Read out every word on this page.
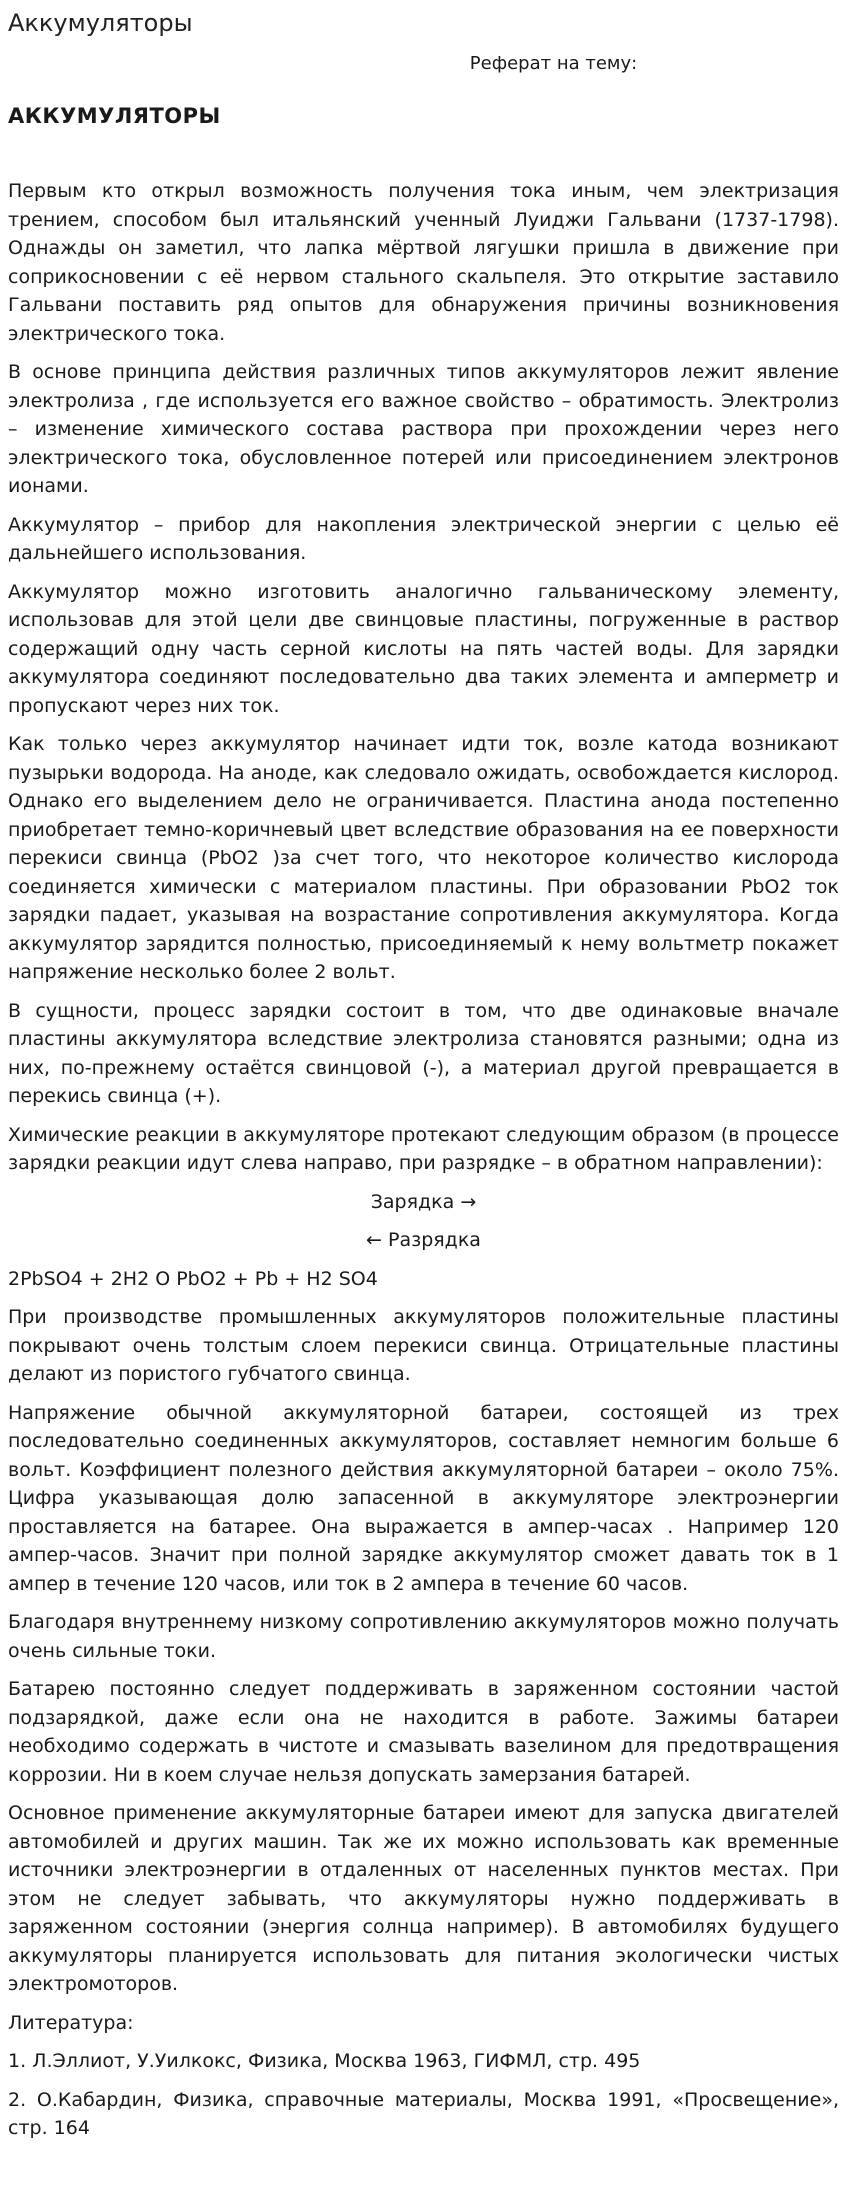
Аккумуляторы
Реферат на тему:
АККУМУЛЯТОРЫ

Первым кто открыл возможность получения тока иным, чем электризация трением, способом был итальянский ученный Луиджи Гальвани (1737-1798). Однажды он заметил, что лапка мёртвой лягушки пришла в движение при соприкосновении с её нервом стального скальпеля. Это открытие заставило Гальвани поставить ряд опытов для обнаружения причины возникновения электрического тока.

В основе принципа действия различных типов аккумуляторов лежит явление электролиза , где используется его важное свойство – обратимость. Электролиз – изменение химического состава раствора при прохождении через него электрического тока, обусловленное потерей или присоединением электронов ионами.

Аккумулятор – прибор для накопления электрической энергии с целью её дальнейшего использования.

Аккумулятор можно изготовить аналогично гальваническому элементу, использовав для этой цели две свинцовые пластины, погруженные в раствор содержащий одну часть серной кислоты на пять частей воды. Для зарядки аккумулятора соединяют последовательно два таких элемента и амперметр и пропускают через них ток.

Как только через аккумулятор начинает идти ток, возле катода возникают пузырьки водорода. На аноде, как следовало ожидать, освобождается кислород. Однако его выделением дело не ограничивается. Пластина анода постепенно приобретает темно-коричневый цвет вследствие образования на ее поверхности перекиси свинца (PbO2 )за счет того, что некоторое количество кислорода соединяется химически с материалом пластины. При образовании PbO2 ток зарядки падает, указывая на возрастание сопротивления аккумулятора. Когда аккумулятор зарядится полностью, присоединяемый к нему вольтметр покажет напряжение несколько более 2 вольт.

В сущности, процесс зарядки состоит в том, что две одинаковые вначале пластины аккумулятора вследствие электролиза становятся разными; одна из них, по-прежнему остаётся свинцовой (-), а материал другой превращается в перекись свинца (+).

Химические реакции в аккумуляторе протекают следующим образом (в процессе зарядки реакции идут слева направо, при разрядке – в обратном направлении):

Зарядка →

← Разрядка

2PbSO4 + 2H2 O PbO2 + Pb + H2 SO4

При производстве промышленных аккумуляторов положительные пластины покрывают очень толстым слоем перекиси свинца. Отрицательные пластины делают из пористого губчатого свинца.

Напряжение обычной аккумуляторной батареи, состоящей из трех последовательно соединенных аккумуляторов, составляет немногим больше 6 вольт. Коэффициент полезного действия аккумуляторной батареи – около 75%. Цифра указывающая долю запасенной в аккумуляторе электроэнергии проставляется на батарее. Она выражается в ампер-часах . Например 120 ампер-часов. Значит при полной зарядке аккумулятор сможет давать ток в 1 ампер в течение 120 часов, или ток в 2 ампера в течение 60 часов.

Благодаря внутреннему низкому сопротивлению аккумуляторов можно получать очень сильные токи.

Батарею постоянно следует поддерживать в заряженном состоянии частой подзарядкой, даже если она не находится в работе. Зажимы батареи необходимо содержать в чистоте и смазывать вазелином для предотвращения коррозии. Ни в коем случае нельзя допускать замерзания батарей.

Основное применение аккумуляторные батареи имеют для запуска двигателей автомобилей и других машин. Так же их можно использовать как временные источники электроэнергии в отдаленных от населенных пунктов местах. При этом не следует забывать, что аккумуляторы нужно поддерживать в заряженном состоянии (энергия солнца например). В автомобилях будущего аккумуляторы планируется использовать для питания экологически чистых электромоторов.

Литература:

1. Л.Эллиот, У.Уилкокс, Физика, Москва 1963, ГИФМЛ, стр. 495

2. О.Кабардин, Физика, справочные материалы, Москва 1991, «Просвещение», стр. 164
